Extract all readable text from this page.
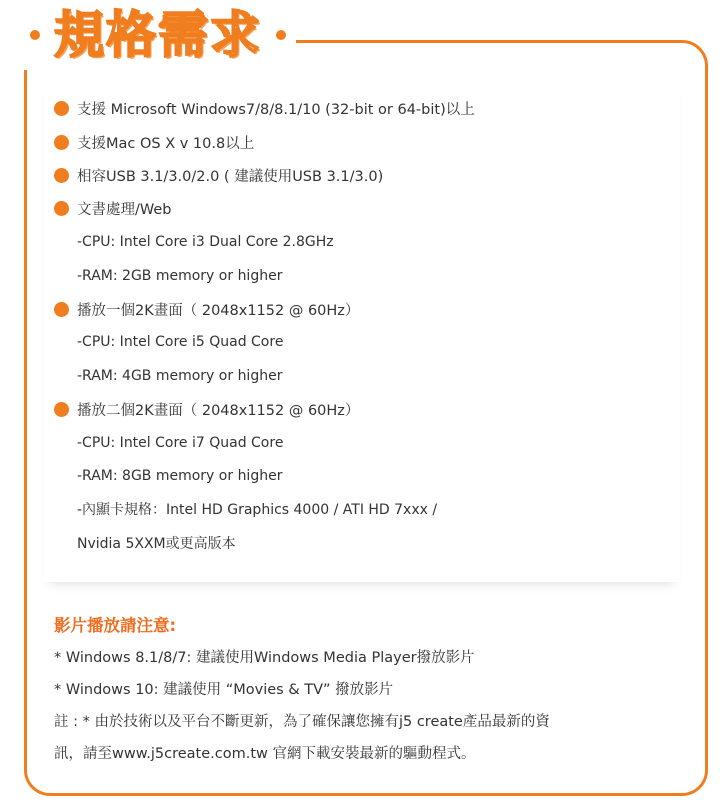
規格需求
支援 Microsoft Windows7/8/8.1/10 (32-bit or 64-bit)以上
支援Mac OS X v 10.8以上
相容USB 3.1/3.0/2.0 ( 建議使用USB 3.1/3.0)
文書處理/Web
-CPU: Intel Core i3 Dual Core 2.8GHz
-RAM: 2GB memory or higher
播放一個2K畫面（ 2048x1152 @ 60Hz）
-CPU: Intel Core i5 Quad Core
-RAM: 4GB memory or higher
播放二個2K畫面（ 2048x1152 @ 60Hz）
-CPU: Intel Core i7 Quad Core
-RAM: 8GB memory or higher
-內顯卡規格：Intel HD Graphics 4000 / ATI HD 7xxx /
Nvidia 5XXM或更高版本
影片播放請注意:
* Windows 8.1/8/7: 建議使用Windows Media Player撥放影片
* Windows 10: 建議使用 “Movies & TV” 撥放影片
註 : * 由於技術以及平台不斷更新，為了確保讓您擁有j5 create產品最新的資
訊，請至www.j5create.com.tw 官網下載安裝最新的驅動程式。
